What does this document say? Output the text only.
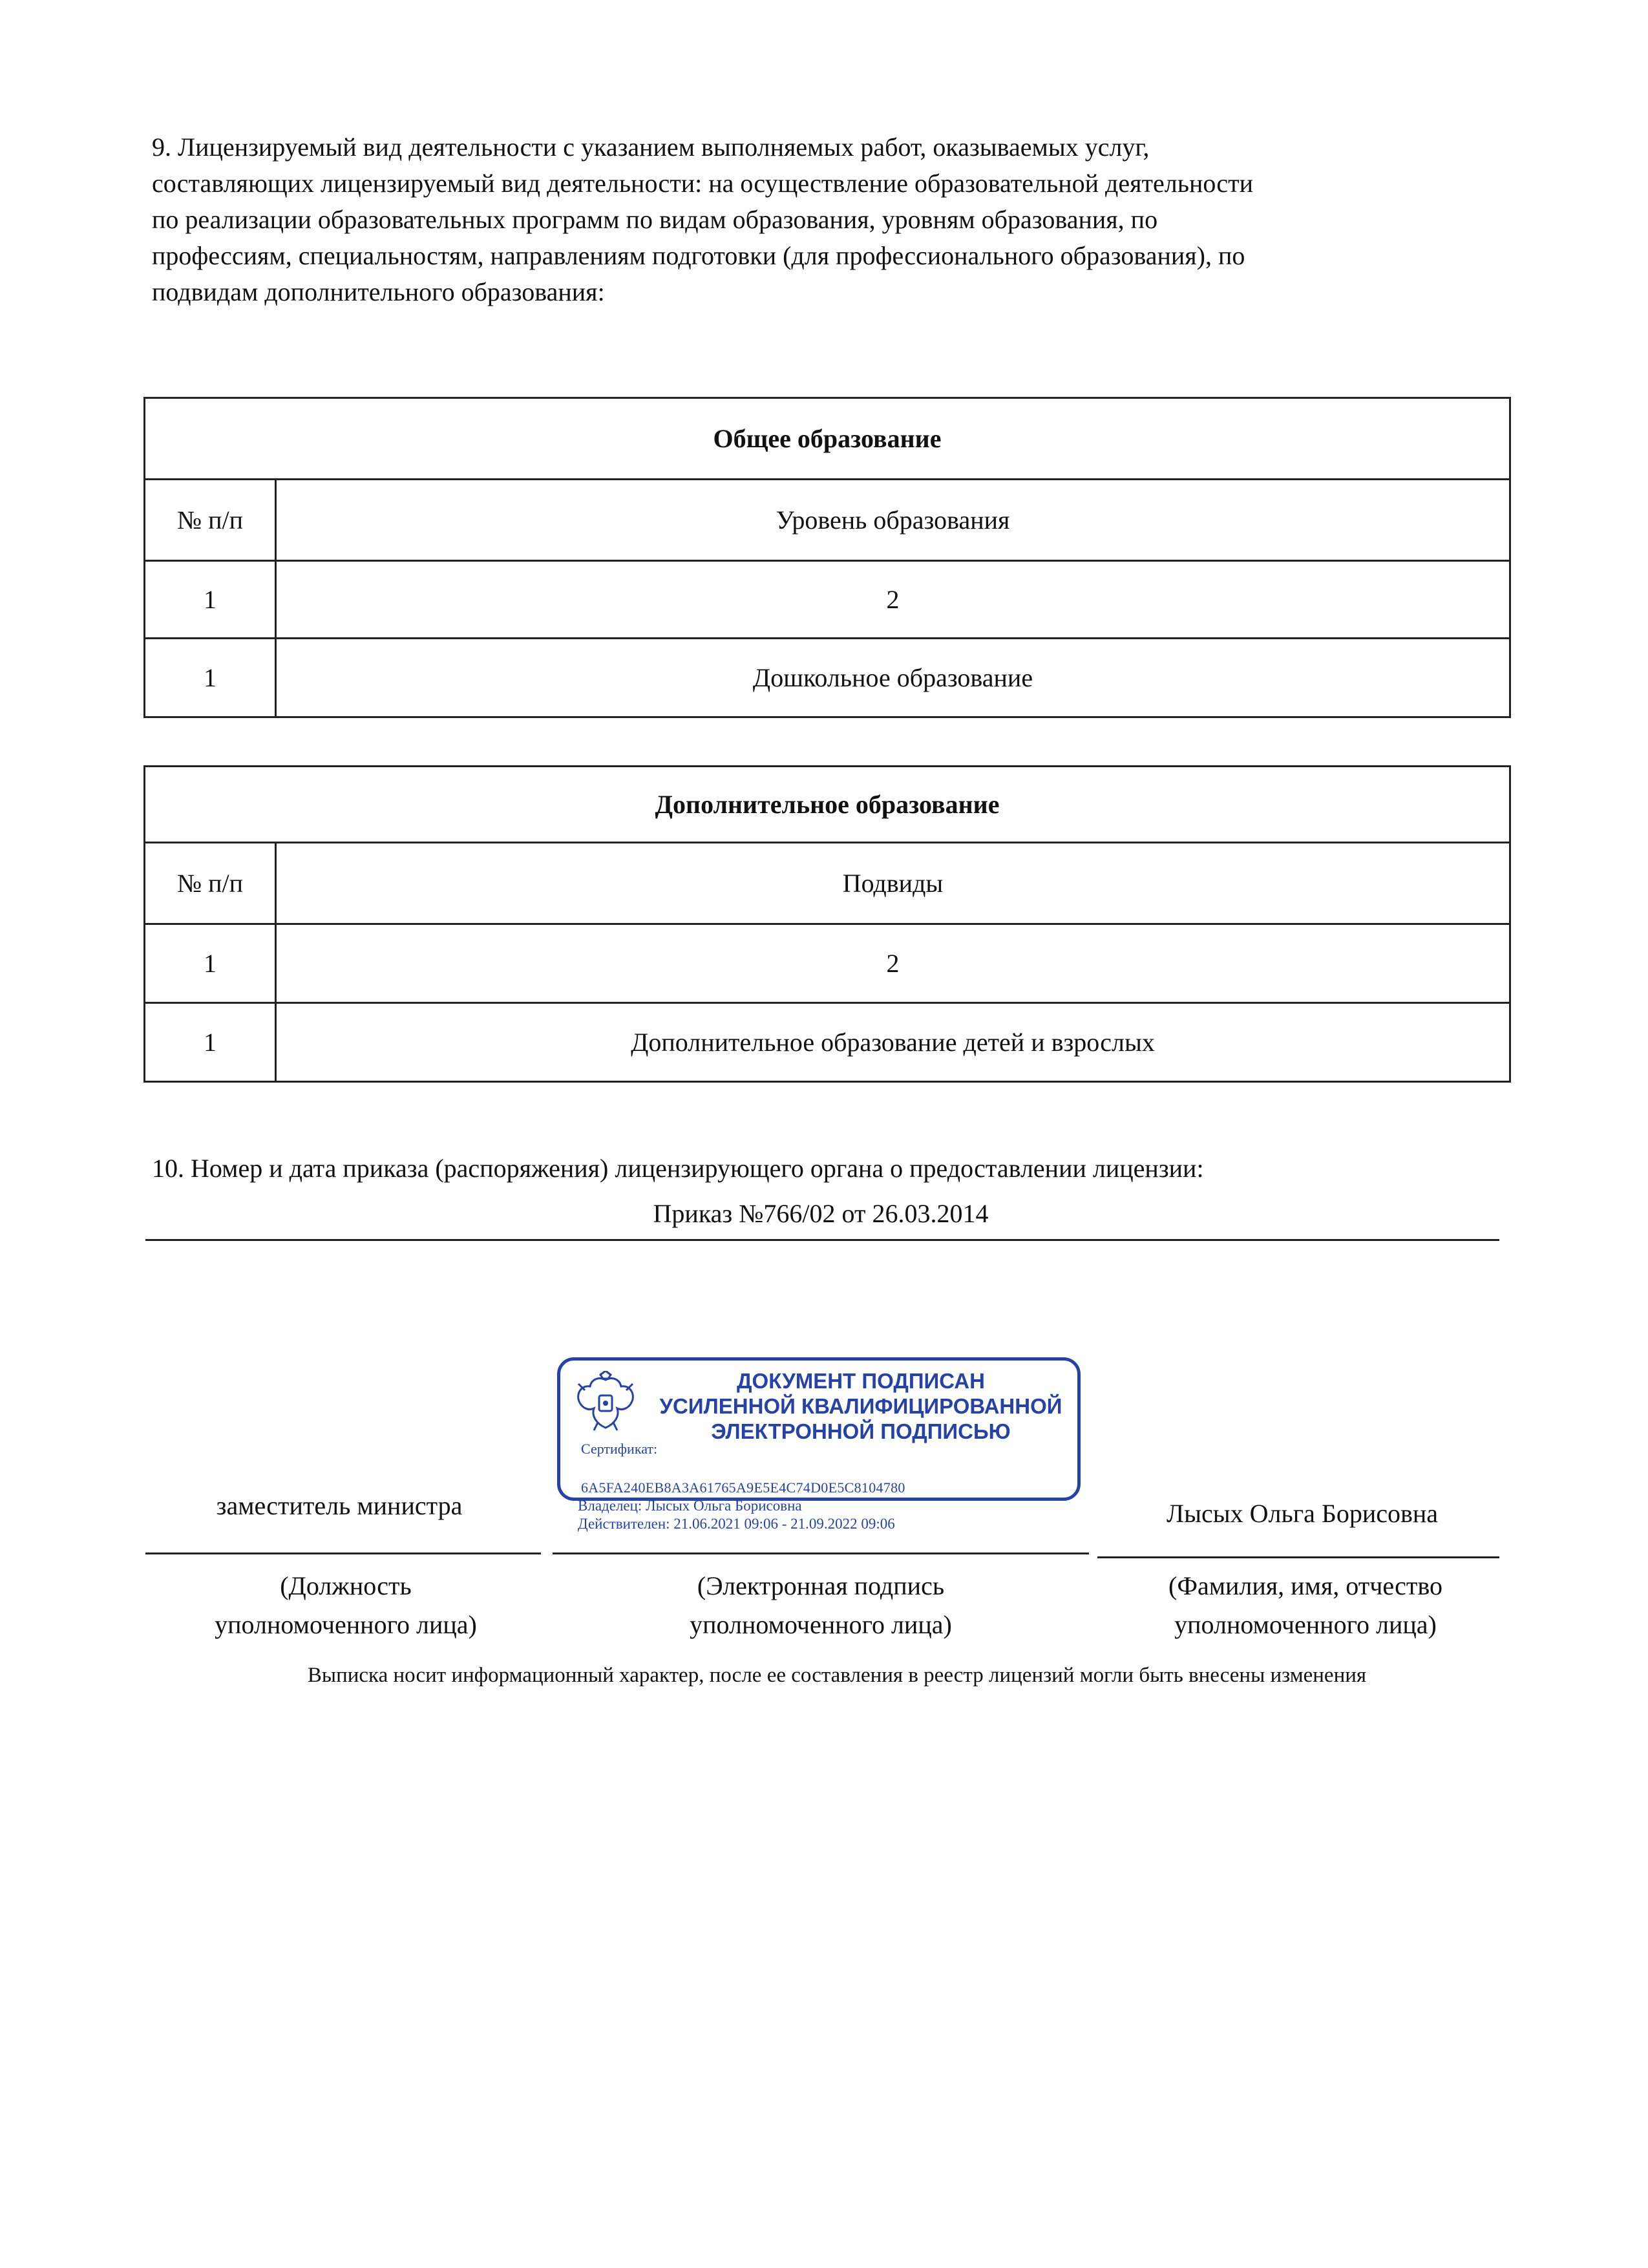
9. Лицензируемый вид деятельности с указанием выполняемых работ, оказываемых услуг,
составляющих лицензируемый вид деятельности: на осуществление образовательной деятельности
по реализации образовательных программ по видам образования, уровням образования, по
профессиям, специальностям, направлениям подготовки (для профессионального образования), по
подвидам дополнительного образования:
Общее образование	
№ п/п	Уровень образования
1	2
1	Дошкольное образование
Дополнительное образование	
№ п/п	Подвиды
1	2
1	Дополнительное образование детей и взрослых
10. Номер и дата приказа (распоряжения) лицензирующего органа о предоставлении лицензии:
Приказ №766/02 от 26.03.2014
заместитель министра
ДОКУМЕНТ ПОДПИСАН
УСИЛЕННОЙ КВАЛИФИЦИРОВАННОЙ
ЭЛЕКТРОННОЙ ПОДПИСЬЮ
Сертификат:
6A5FA240EB8A3A61765A9E5E4C74D0E5C8104780
Владелец: Лысых Ольга Борисовна
Действителен: 21.06.2021 09:06 - 21.09.2022 09:06	Лысых Ольга Борисовна
(Должность
уполномоченного лица)
(Электронная подпись
уполномоченного лица)
(Фамилия, имя, отчество
уполномоченного лица)
Выписка носит информационный характер, после ее составления в реестр лицензий могли быть внесены изменения
